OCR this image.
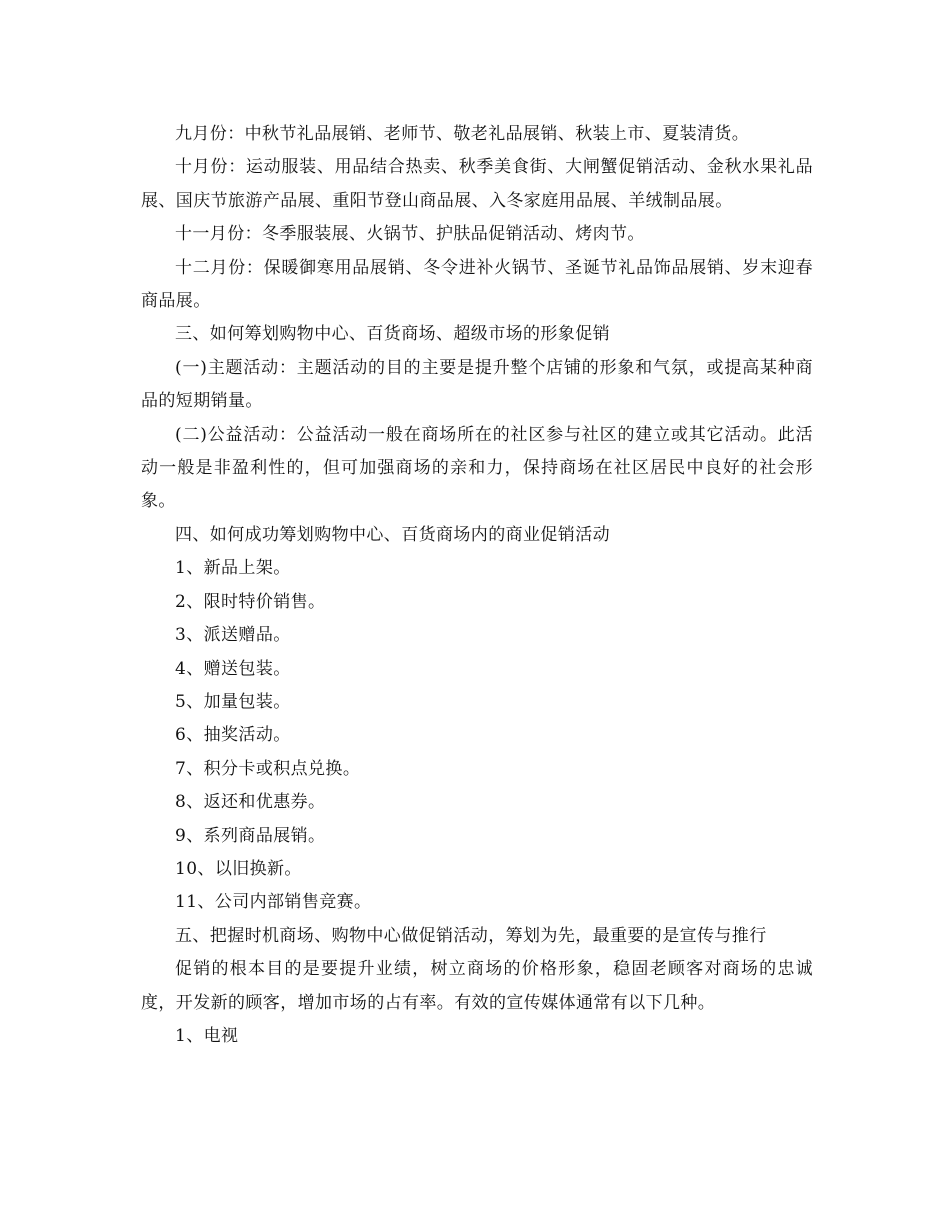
九月份：中秋节礼品展销、老师节、敬老礼品展销、秋装上市、夏装清货。

十月份：运动服装、用品结合热卖、秋季美食街、大闸蟹促销活动、金秋水果礼品展、国庆节旅游产品展、重阳节登山商品展、入冬家庭用品展、羊绒制品展。

十一月份：冬季服装展、火锅节、护肤品促销活动、烤肉节。

十二月份：保暖御寒用品展销、冬令进补火锅节、圣诞节礼品饰品展销、岁末迎春商品展。

三、如何筹划购物中心、百货商场、超级市场的形象促销

(一)主题活动：主题活动的目的主要是提升整个店铺的形象和气氛，或提高某种商品的短期销量。

(二)公益活动：公益活动一般在商场所在的社区参与社区的建立或其它活动。此活动一般是非盈利性的，但可加强商场的亲和力，保持商场在社区居民中良好的社会形象。

四、如何成功筹划购物中心、百货商场内的商业促销活动

1、新品上架。

2、限时特价销售。

3、派送赠品。

4、赠送包装。

5、加量包装。

6、抽奖活动。

7、积分卡或积点兑换。

8、返还和优惠券。

9、系列商品展销。

10、以旧换新。

11、公司内部销售竞赛。

五、把握时机商场、购物中心做促销活动，筹划为先，最重要的是宣传与推行

促销的根本目的是要提升业绩，树立商场的价格形象，稳固老顾客对商场的忠诚度，开发新的顾客，增加市场的占有率。有效的宣传媒体通常有以下几种。

1、电视
